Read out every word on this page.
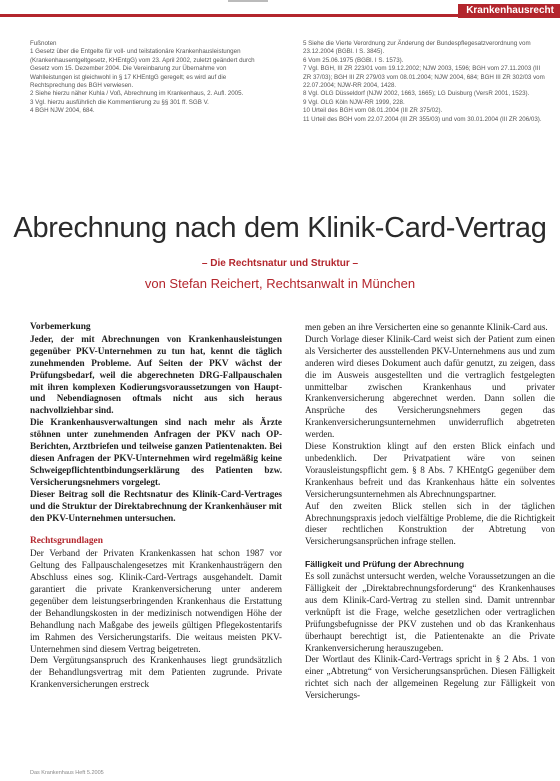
Krankenhausrecht

Fußnoten

1 Gesetz über die Entgelte für voll- und teilstationäre Krankenhausleistungen (Krankenhausentgeltgesetz, KHEntgG) vom 23. April 2002, zuletzt geändert durch Gesetz vom 15. Dezember 2004. Die Vereinbarung zur Übernahme von Wahlleistungen ist gleichwohl in § 17 KHEntgG geregelt; es wird auf die Rechtsprechung des BGH verwiesen.

2 Siehe hierzu näher Kuhla / Voß, Abrechnung im Krankenhaus, 2. Aufl. 2005.

3 Vgl. hierzu ausführlich die Kommentierung zu §§ 301 ff. SGB V.

4 BGH NJW 2004, 684.

5 Siehe die Vierte Verordnung zur Änderung der Bundespflegesatzverordnung vom 23.12.2004 (BGBl. I S. 3845).

6 Vom 25.06.1975 (BGBl. I S. 1573).

7 Vgl. BGH, III ZR 223/01 vom 19.12.2002; NJW 2003, 1596; BGH vom 27.11.2003 (III ZR 37/03); BGH III ZR 279/03 vom 08.01.2004; NJW 2004, 684; BGH III ZR 302/03 vom 22.07.2004; NJW-RR 2004, 1428.

8 Vgl. OLG Düsseldorf (NJW 2002, 1663, 1665); LG Duisburg (VersR 2001, 1523).

9 Vgl. OLG Köln NJW-RR 1999, 228.

10 Urteil des BGH vom 08.01.2004 (III ZR 375/02).

11 Urteil des BGH vom 22.07.2004 (III ZR 355/03) und vom 30.01.2004 (III ZR 206/03).

Abrechnung nach dem Klinik-Card-Vertrag
– Die Rechtsnatur und Struktur –
von Stefan Reichert, Rechtsanwalt in München
Vorbemerkung

Jeder, der mit Abrechnungen von Krankenhausleistungen gegenüber PKV-Unternehmen zu tun hat, kennt die täglich zunehmenden Probleme. Auf Seiten der PKV wächst der Prüfungsbedarf, weil die abgerechneten DRG-Fallpauschalen mit ihren komplexen Kodierungsvoraussetzungen von Haupt- und Nebendiagnosen oftmals nicht aus sich heraus nachvollziehbar sind.

Die Krankenhausverwaltungen sind nach mehr als Ärzte stöhnen unter zunehmenden Anfragen der PKV nach OP-Berichten, Arztbriefen und teilweise ganzen Patientenakten. Bei diesen Anfragen der PKV-Unternehmen wird regelmäßig keine Schweigepflichtentbindungserklärung des Patienten bzw. Versicherungsnehmers vorgelegt.

Dieser Beitrag soll die Rechtsnatur des Klinik-Card-Vertrages und die Struktur der Direktabrechnung der Krankenhäuser mit den PKV-Unternehmen untersuchen.

Rechtsgrundlagen

Der Verband der Privaten Krankenkassen hat schon 1987 vor Geltung des Fallpauschalengesetzes mit Krankenhausträgern den Abschluss eines sog. Klinik-Card-Vertrags ausgehandelt. Damit garantiert die private Krankenversicherung unter anderem gegenüber dem leistungserbringenden Krankenhaus die Erstattung der Behandlungskosten in der medizinisch notwendigen Höhe der Behandlung nach Maßgabe des jeweils gültigen Pflegekostentarifs im Rahmen des Versicherungstarifs. Die weitaus meisten PKV-Unternehmen sind diesem Vertrag beigetreten.

Dem Vergütungsanspruch des Krankenhauses liegt grundsätzlich der Behandlungsvertrag mit dem Patienten zugrunde. Private Krankenversicherungen erstreck

men geben an ihre Versicherten eine so genannte Klinik-Card aus.

Durch Vorlage dieser Klinik-Card weist sich der Patient zum einen als Versicherter des ausstellenden PKV-Unternehmens aus und zum anderen wird dieses Dokument auch dafür genutzt, zu zeigen, dass die im Ausweis ausgestellten und die vertraglich festgelegten unmittelbar zwischen Krankenhaus und privater Krankenversicherung abgerechnet werden. Dann sollen die Ansprüche des Versicherungsnehmers gegen das Krankenversicherungsunternehmen unwiderruflich abgetreten werden.

Diese Konstruktion klingt auf den ersten Blick einfach und unbedenklich. Der Privatpatient wäre von seinen Vorausleistungspflicht gem. § 8 Abs. 7 KHEntgG gegenüber dem Krankenhaus befreit und das Krankenhaus hätte ein solventes Versicherungsunternehmen als Abrechnungspartner.

Auf den zweiten Blick stellen sich in der täglichen Abrechnungspraxis jedoch vielfältige Probleme, die die Richtigkeit dieser rechtlichen Konstruktion der Abtretung von Versicherungsansprüchen infrage stellen.

Fälligkeit und Prüfung der Abrechnung

Es soll zunächst untersucht werden, welche Voraussetzungen an die Fälligkeit der „Direktabrechnungsforderung“ des Krankenhauses aus dem Klinik-Card-Vertrag zu stellen sind. Damit untrennbar verknüpft ist die Frage, welche gesetzlichen oder vertraglichen Prüfungsbefugnisse der PKV zustehen und ob das Krankenhaus überhaupt berechtigt ist, die Patientenakte an die Private Krankenversicherung herauszugeben.

Der Wortlaut des Klinik-Card-Vertrags spricht in § 2 Abs. 1 von einer „Abtretung“ von Versicherungsansprüchen. Diesen Fälligkeit richtet sich nach der allgemeinen Regelung zur Fälligkeit von Versicherungs-

Das Krankenhaus Heft 5.2005
